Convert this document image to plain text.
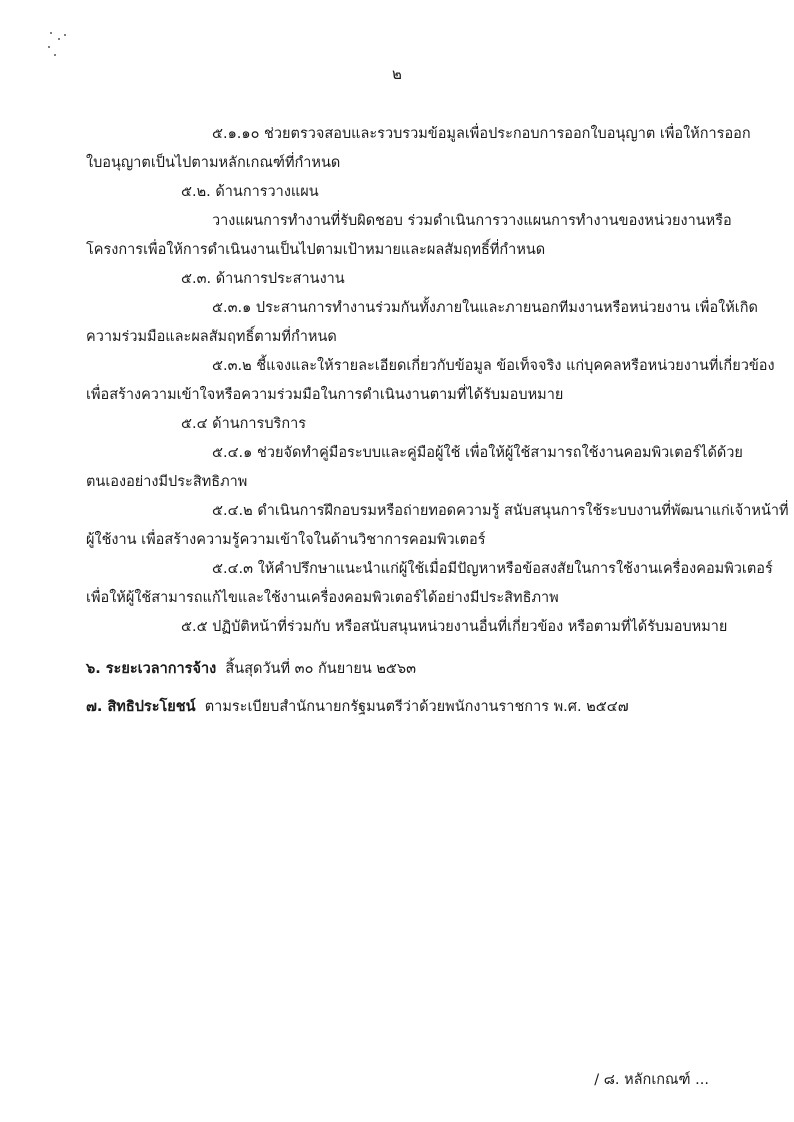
๒
๕.๑.๑๐ ช่วยตรวจสอบและรวบรวมข้อมูลเพื่อประกอบการออกใบอนุญาต เพื่อให้การออก
ใบอนุญาตเป็นไปตามหลักเกณฑ์ที่กำหนด
๕.๒. ด้านการวางแผน
วางแผนการทำงานที่รับผิดชอบ ร่วมดำเนินการวางแผนการทำงานของหน่วยงานหรือ
โครงการเพื่อให้การดำเนินงานเป็นไปตามเป้าหมายและผลสัมฤทธิ์ที่กำหนด
๕.๓. ด้านการประสานงาน
๕.๓.๑ ประสานการทำงานร่วมกันทั้งภายในและภายนอกทีมงานหรือหน่วยงาน เพื่อให้เกิด
ความร่วมมือและผลสัมฤทธิ์ตามที่กำหนด
๕.๓.๒ ชี้แจงและให้รายละเอียดเกี่ยวกับข้อมูล ข้อเท็จจริง แก่บุคคลหรือหน่วยงานที่เกี่ยวข้อง
เพื่อสร้างความเข้าใจหรือความร่วมมือในการดำเนินงานตามที่ได้รับมอบหมาย
๕.๔ ด้านการบริการ
๕.๔.๑ ช่วยจัดทำคู่มือระบบและคู่มือผู้ใช้ เพื่อให้ผู้ใช้สามารถใช้งานคอมพิวเตอร์ได้ด้วย
ตนเองอย่างมีประสิทธิภาพ
๕.๔.๒ ดำเนินการฝึกอบรมหรือถ่ายทอดความรู้ สนับสนุนการใช้ระบบงานที่พัฒนาแก่เจ้าหน้าที่
ผู้ใช้งาน เพื่อสร้างความรู้ความเข้าใจในด้านวิชาการคอมพิวเตอร์
๕.๔.๓ ให้คำปรึกษาแนะนำแก่ผู้ใช้เมื่อมีปัญหาหรือข้อสงสัยในการใช้งานเครื่องคอมพิวเตอร์
เพื่อให้ผู้ใช้สามารถแก้ไขและใช้งานเครื่องคอมพิวเตอร์ได้อย่างมีประสิทธิภาพ
๕.๕ ปฏิบัติหน้าที่ร่วมกับ หรือสนับสนุนหน่วยงานอื่นที่เกี่ยวข้อง หรือตามที่ได้รับมอบหมาย
๖. ระยะเวลาการจ้าง สิ้นสุดวันที่ ๓๐ กันยายน ๒๕๖๓
๗. สิทธิประโยชน์ ตามระเบียบสำนักนายกรัฐมนตรีว่าด้วยพนักงานราชการ พ.ศ. ๒๕๔๗
/ ๘. หลักเกณฑ์ ...
